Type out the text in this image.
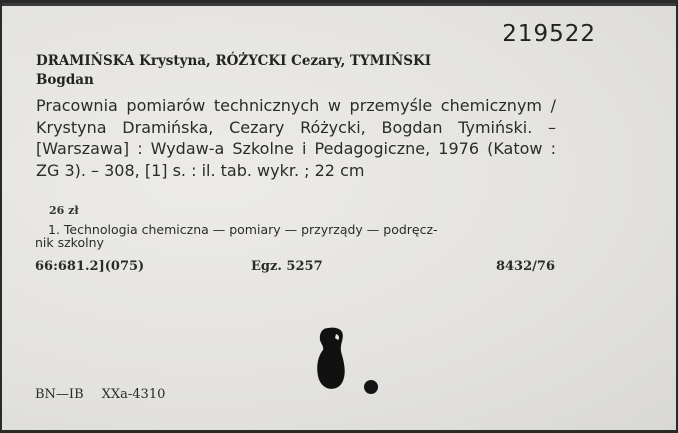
219522
DRAMIŃSKA Krystyna, RÓŻYCKI Cezary, TYMIŃSKI
Bogdan
Pracownia pomiarów technicznych w przemyśle chemicznym / Krystyna Dramińska, Cezary Różycki, Bogdan Tymiński. – [Warszawa] : Wydaw-a Szkolne i Pedagogiczne, 1976 (Katow : ZG 3). – 308, [1] s. : il. tab. wykr. ; 22 cm
26 zł
1. Technologia chemiczna — pomiary — przyrządy — podręcz-
nik szkolny
66:681.2](075)	Egz. 5257	8432/76
BN—IB XXa-4310
